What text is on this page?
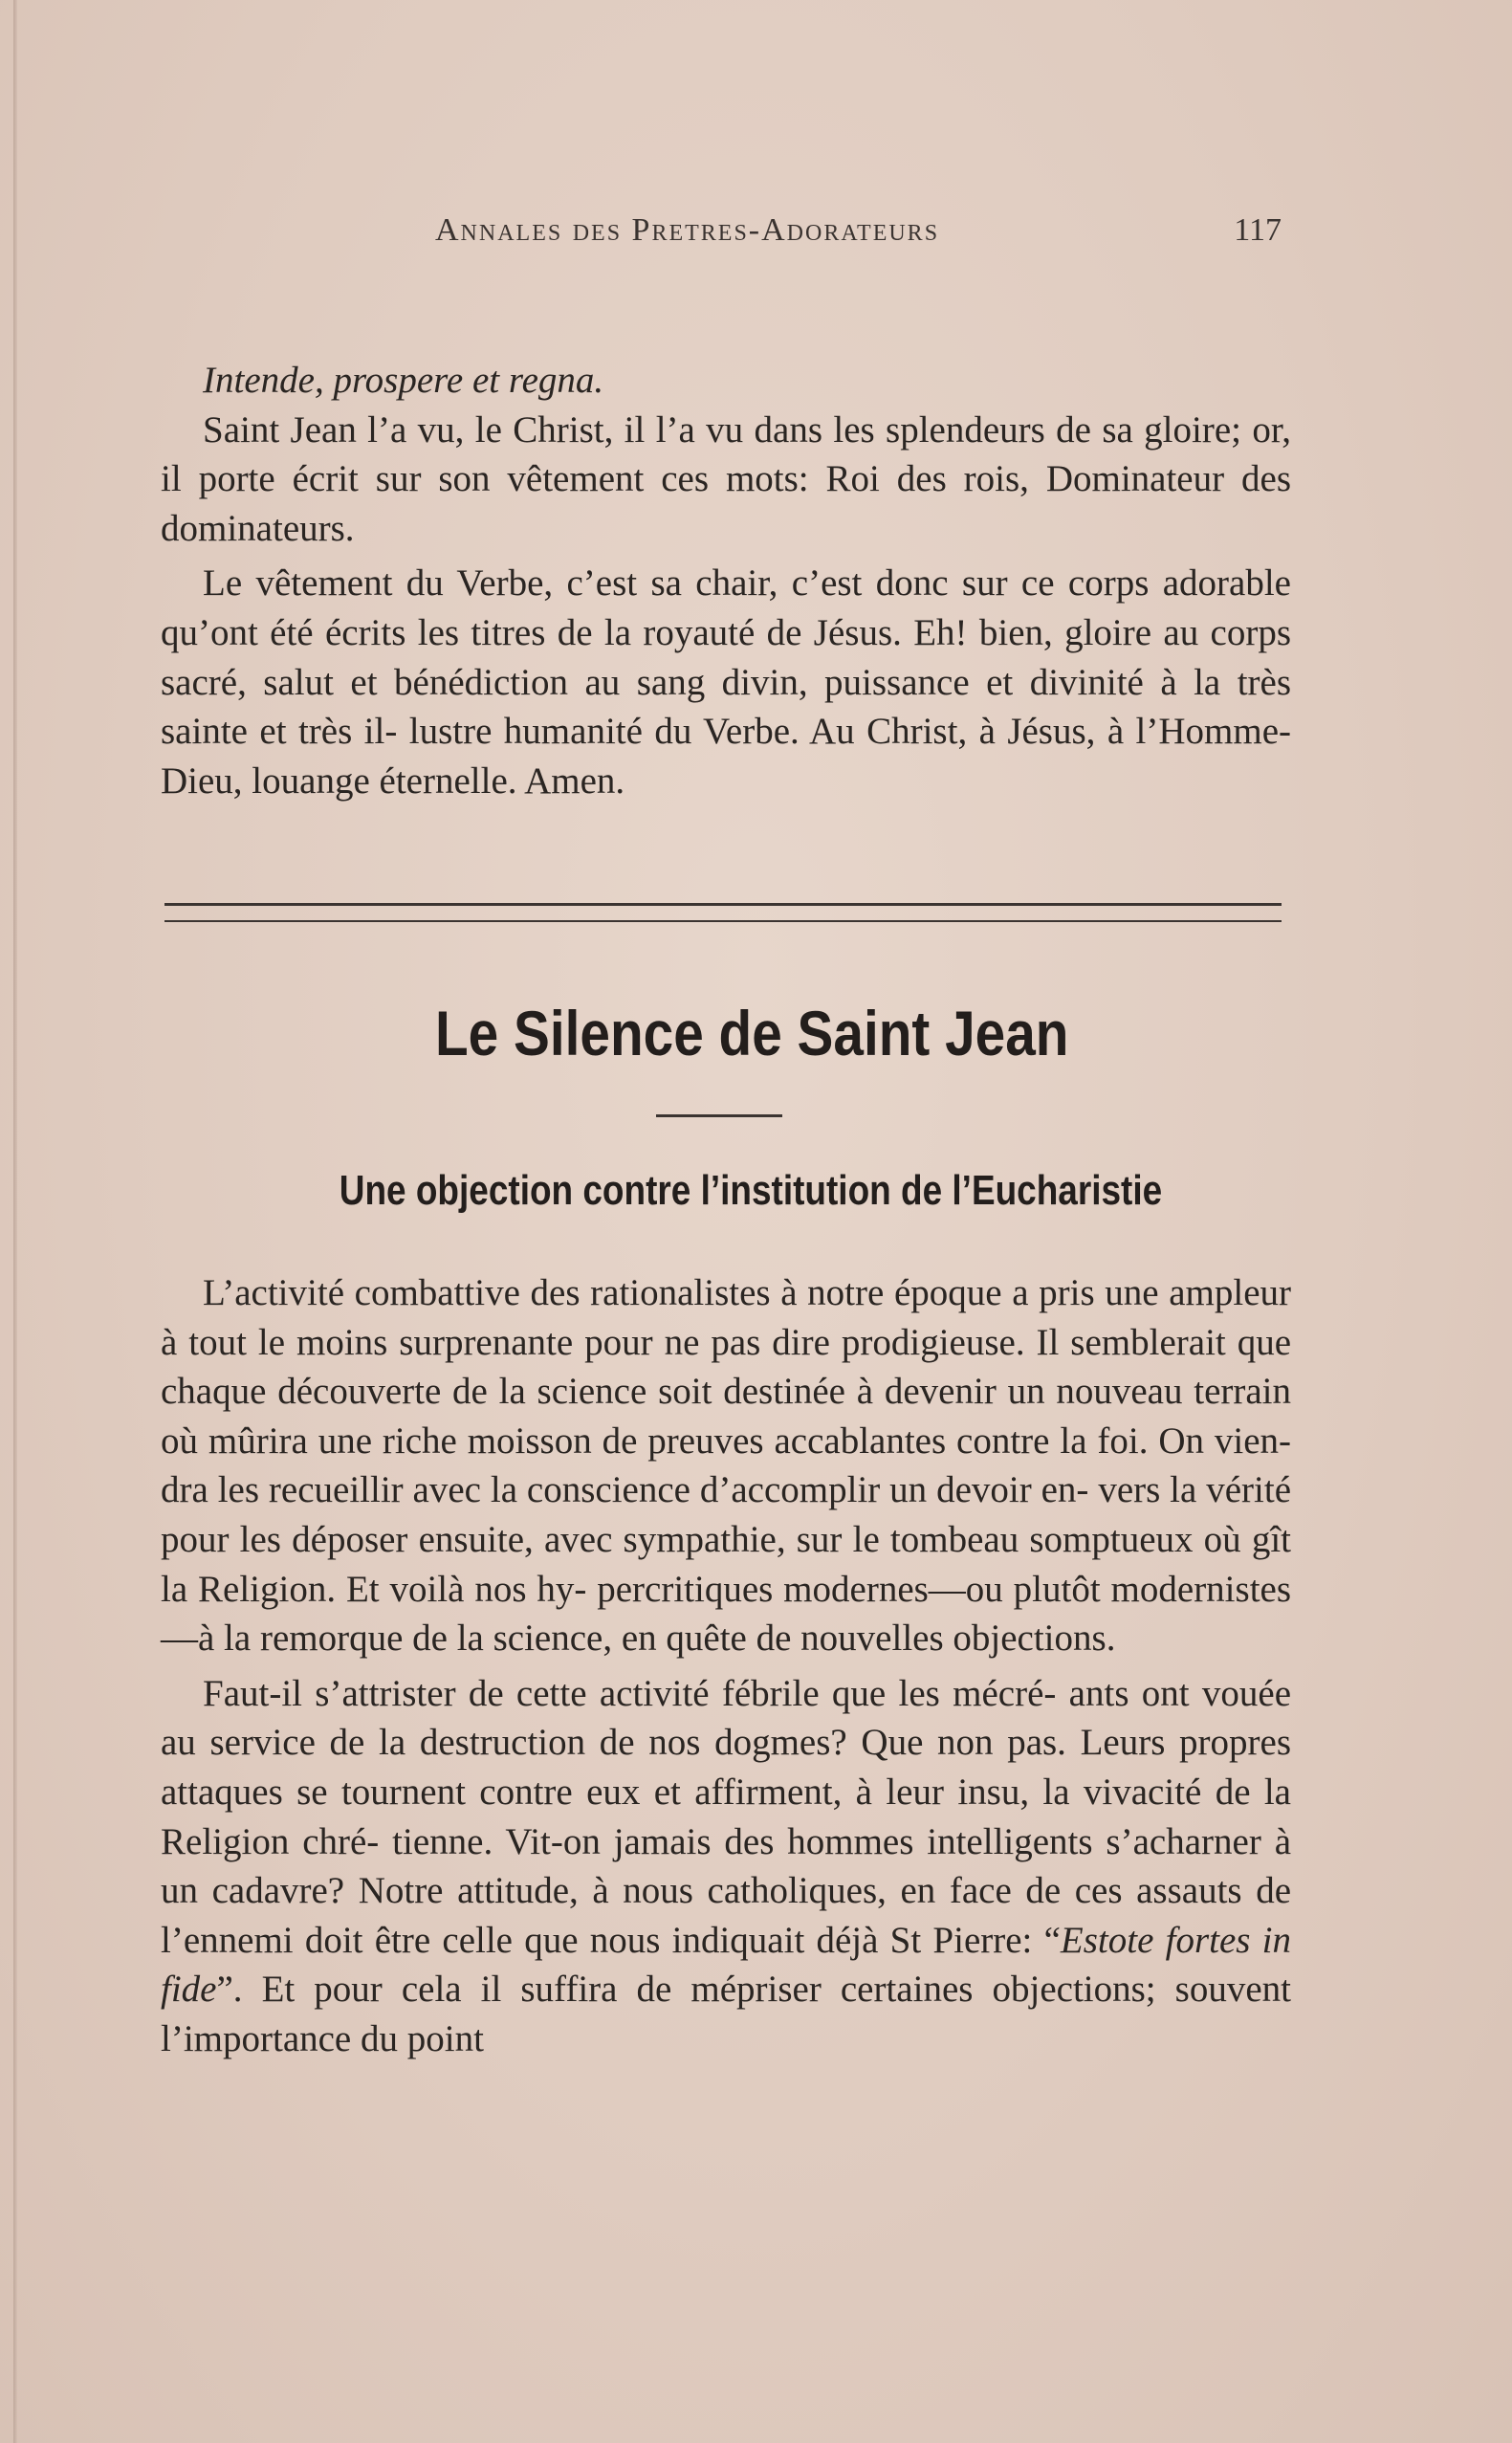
Annales des Pretres-Adorateurs	117

Intende, prospere et regna.

Saint Jean l’a vu, le Christ, il l’a vu dans les splendeurs de sa gloire; or, il porte écrit sur son vêtement ces mots: Roi des rois, Dominateur des dominateurs.

Le vêtement du Verbe, c’est sa chair, c’est donc sur ce corps adorable qu’ont été écrits les titres de la royauté de Jésus. Eh! bien, gloire au corps sacré, salut et bénédiction au sang divin, puissance et divinité à la très sainte et très il- lustre humanité du Verbe. Au Christ, à Jésus, à l’Homme- Dieu, louange éternelle. Amen.

Le Silence de Saint Jean
Une objection contre l’institution de l’Eucharistie

L’activité combattive des rationalistes à notre époque a pris une ampleur à tout le moins surprenante pour ne pas dire prodigieuse. Il semblerait que chaque découverte de la science soit destinée à devenir un nouveau terrain où mûrira une riche moisson de preuves accablantes contre la foi. On vien- dra les recueillir avec la conscience d’accomplir un devoir en- vers la vérité pour les déposer ensuite, avec sympathie, sur le tombeau somptueux où gît la Religion. Et voilà nos hy- percritiques modernes—ou plutôt modernistes—à la remorque de la science, en quête de nouvelles objections.

Faut-il s’attrister de cette activité fébrile que les mécré- ants ont vouée au service de la destruction de nos dogmes? Que non pas. Leurs propres attaques se tournent contre eux et affirment, à leur insu, la vivacité de la Religion chré- tienne. Vit-on jamais des hommes intelligents s’acharner à un cadavre? Notre attitude, à nous catholiques, en face de ces assauts de l’ennemi doit être celle que nous indiquait déjà St Pierre: “Estote fortes in fide”. Et pour cela il suffira de mépriser certaines objections; souvent l’importance du point
